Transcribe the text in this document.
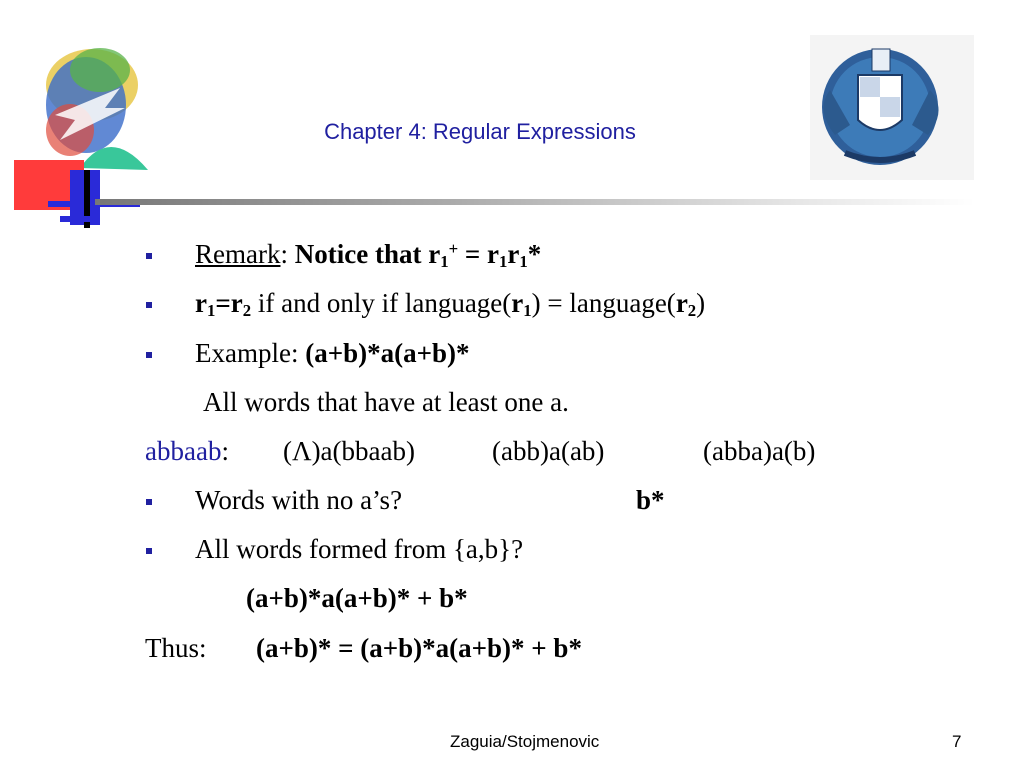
Chapter 4: Regular Expressions
Remark: Notice that $r_1^+ = r_1r_1*$
$r_1=r_2$ if and only if $language(r_1)$ = $language(r_2)$
Example: (a+b)*a(a+b)*
All words that have at least one a.
abbaab: (Λ)a(bbaab)	(abb)a(ab)	(abba)a(b)
Words with no a’s?	b*
All words formed from {a,b}?
(a+b)*a(a+b)* + b*
Thus: (a+b)* = (a+b)*a(a+b)* + b*
Zaguia/Stojmenovic	7
